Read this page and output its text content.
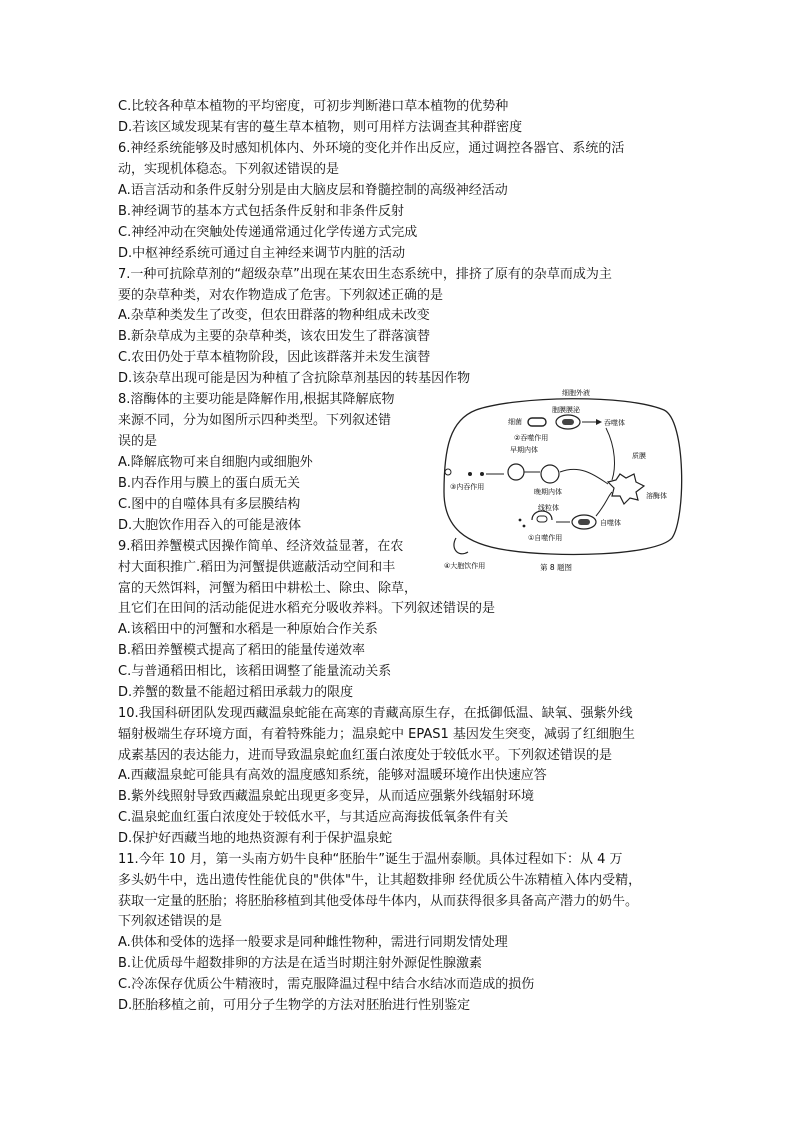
C.比较各种草本植物的平均密度，可初步判断港口草本植物的优势种
D.若该区域发现某有害的蔓生草本植物，则可用样方法调查其种群密度
6.神经系统能够及时感知机体内、外环境的变化并作出反应，通过调控各器官、系统的活
动，实现机体稳态。下列叙述错误的是
A.语言活动和条件反射分别是由大脑皮层和脊髓控制的高级神经活动
B.神经调节的基本方式包括条件反射和非条件反射
C.神经冲动在突触处传递通常通过化学传递方式完成
D.中枢神经系统可通过自主神经来调节内脏的活动
7.一种可抗除草剂的“超级杂草”出现在某农田生态系统中，排挤了原有的杂草而成为主
要的杂草种类，对农作物造成了危害。下列叙述正确的是
A.杂草种类发生了改变，但农田群落的物种组成未改变
B.新杂草成为主要的杂草种类，该农田发生了群落演替
C.农田仍处于草本植物阶段，因此该群落并未发生演替
D.该杂草出现可能是因为种植了含抗除草剂基因的转基因作物
8.溶酶体的主要功能是降解作用,根据其降解底物
来源不同，分为如图所示四种类型。下列叙述错
误的是
A.降解底物可来自细胞内或细胞外
B.内吞作用与膜上的蛋白质无关
C.图中的自噬体具有多层膜结构
D.大胞饮作用吞入的可能是液体
9.稻田养蟹模式因操作简单、经济效益显著，在农
村大面积推广.稻田为河蟹提供遮蔽活动空间和丰
富的天然饵料，河蟹为稻田中耕松土、除虫、除草，
且它们在田间的活动能促进水稻充分吸收养料。下列叙述错误的是
A.该稻田中的河蟹和水稻是一种原始合作关系
B.稻田养蟹模式提高了稻田的能量传递效率
C.与普通稻田相比，该稻田调整了能量流动关系
D.养蟹的数量不能超过稻田承载力的限度
10.我国科研团队发现西藏温泉蛇能在高寒的青藏高原生存，在抵御低温、缺氧、强紫外线
辐射极端生存环境方面，有着特殊能力；温泉蛇中 EPAS1 基因发生突变，减弱了红细胞生
成素基因的表达能力，进而导致温泉蛇血红蛋白浓度处于较低水平。下列叙述错误的是
A.西藏温泉蛇可能具有高效的温度感知系统，能够对温暖环境作出快速应答
B.紫外线照射导致西藏温泉蛇出现更多变异，从而适应强紫外线辐射环境
C.温泉蛇血红蛋白浓度处于较低水平，与其适应高海拔低氧条件有关
D.保护好西藏当地的地热资源有利于保护温泉蛇
11.今年 10 月，第一头南方奶牛良种“胚胎牛”诞生于温州泰顺。具体过程如下：从 4 万
多头奶牛中，选出遗传性能优良的"供体"牛，让其超数排卵 经优质公牛冻精植入体内受精，
获取一定量的胚胎；将胚胎移植到其他受体母牛体内，从而获得很多具备高产潜力的奶牛。
下列叙述错误的是
A.供体和受体的选择一般要求是同种雌性物种，需进行同期发情处理
B.让优质母牛超数排卵的方法是在适当时期注射外源促性腺激素
C.冷冻保存优质公牛精液时，需克服降温过程中结合水结冰而造成的损伤
D.胚胎移植之前，可用分子生物学的方法对胚胎进行性别鉴定
细胞外液
细菌
胞膜膜泌
吞噬体
②吞噬作用
质膜
③内吞作用
早期内体
晚期内体	溶酶体
线粒体
自噬体
①自噬作用
④大胞饮作用	第 8 题图
